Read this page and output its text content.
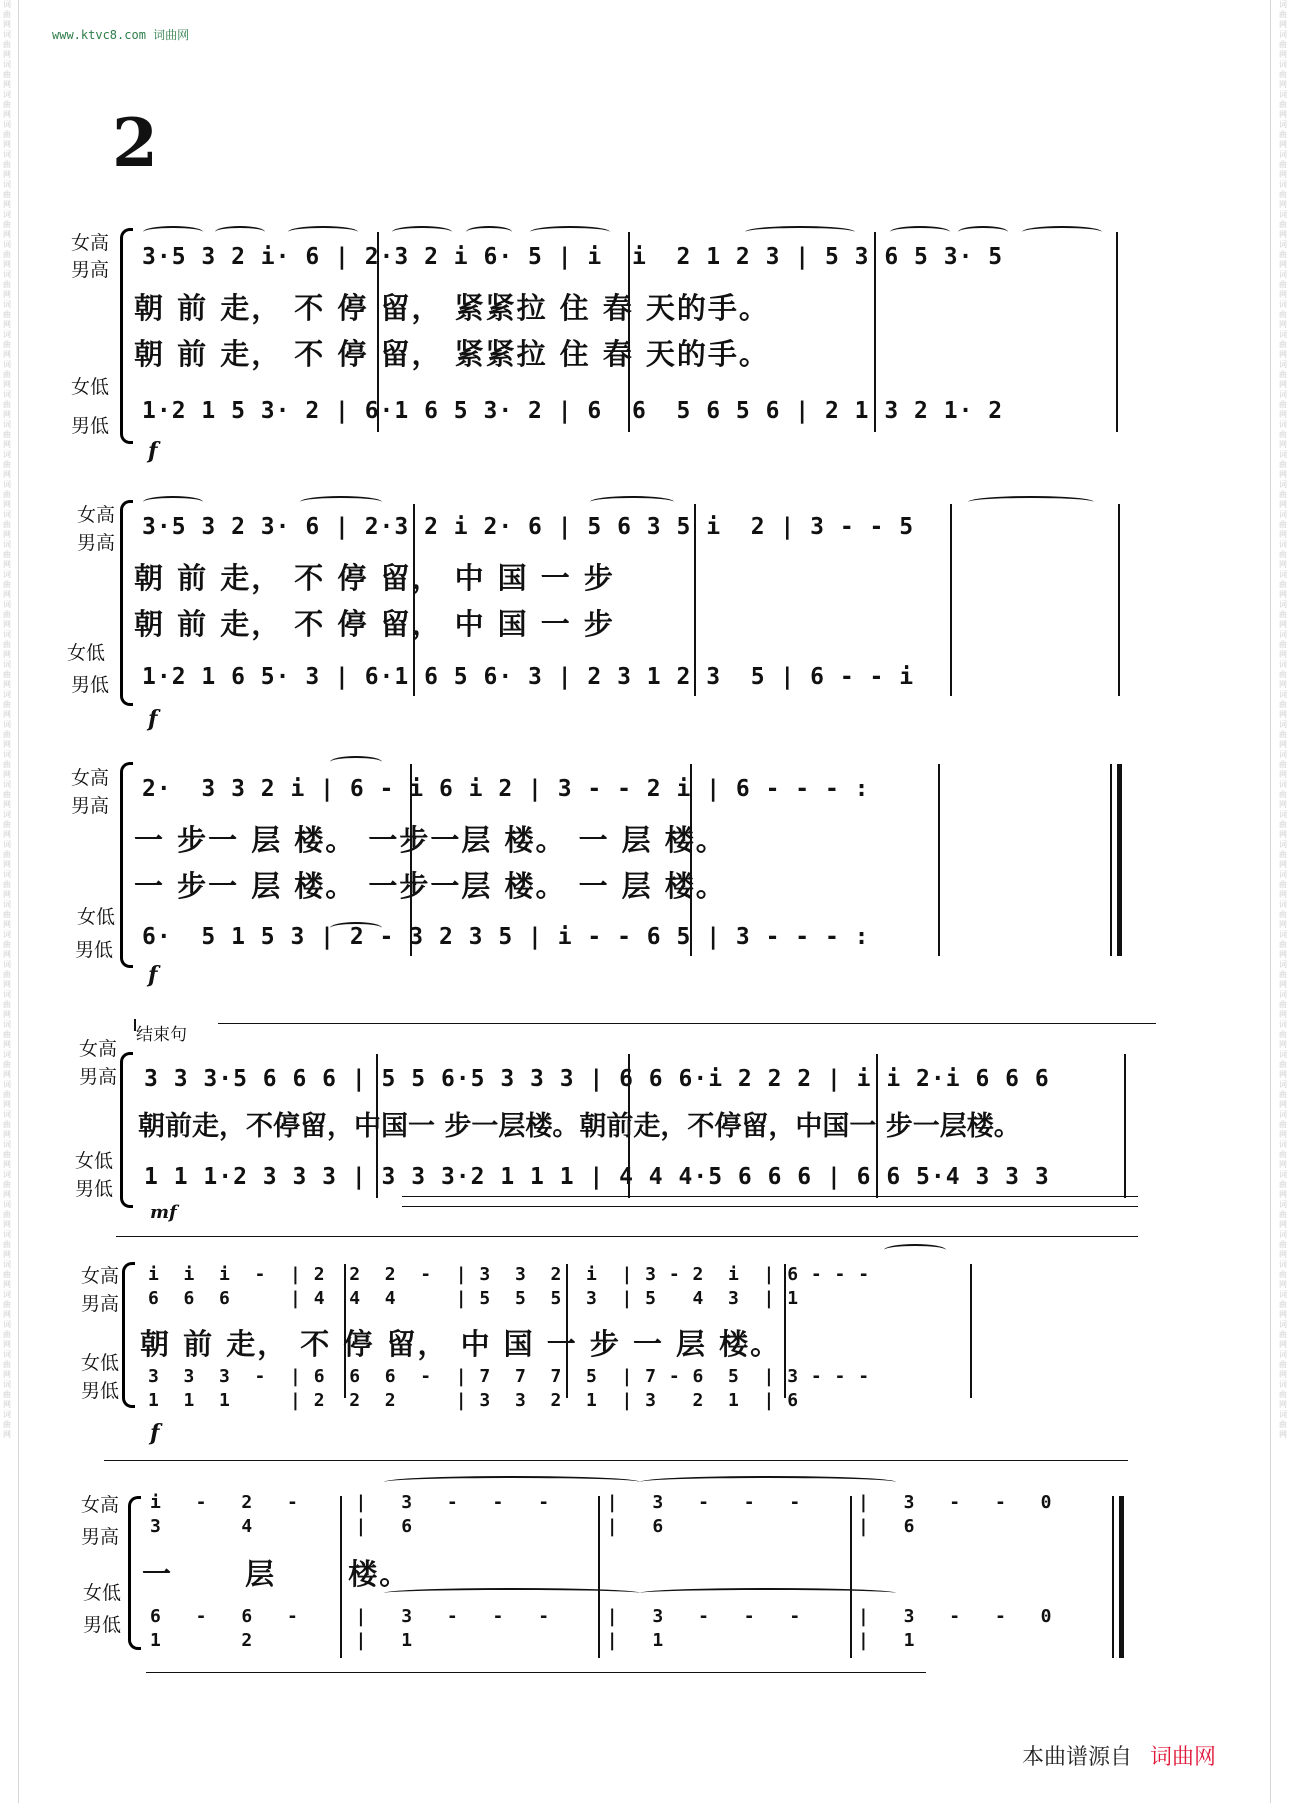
词曲网词曲网词曲网词曲网词曲网词曲网词曲网词曲网词曲网词曲网词曲网词曲网词曲网词曲网词曲网词曲网词曲网词曲网词曲网词曲网词曲网词曲网词曲网词曲网词曲网词曲网词曲网词曲网词曲网词曲网词曲网词曲网词曲网词曲网词曲网词曲网词曲网词曲网词曲网词曲网词曲网词曲网词曲网词曲网词曲网词曲网词曲网词曲网
词曲网词曲网词曲网词曲网词曲网词曲网词曲网词曲网词曲网词曲网词曲网词曲网词曲网词曲网词曲网词曲网词曲网词曲网词曲网词曲网词曲网词曲网词曲网词曲网词曲网词曲网词曲网词曲网词曲网词曲网词曲网词曲网词曲网词曲网词曲网词曲网词曲网词曲网词曲网词曲网词曲网词曲网词曲网词曲网词曲网词曲网词曲网词曲网
www.ktvc8.com 词曲网
2
女高
男高
女低
男低
3·5 3 2 i· 6 | 2·3 2 i 6· 5 | i  i  2 1 2 3 | 5 3 6 5 3· 5
朝 前 走， 不 停 留， 紧紧拉 住 春 天的手。
朝 前 走， 不 停 留， 紧紧拉 住 春 天的手。
1·2 1 5 3· 2 | 6·1 6 5 3· 2 | 6  6  5 6 5 6 | 2 1 3 2 1· 2
f
女高
男高
女低
男低
3·5 3 2 3· 6 | 2·3 2 i 2· 6 | 5 6 3 5 i  2 | 3 - - 5
朝 前 走， 不 停 留， 中 国 一 步
朝 前 走， 不 停 留， 中 国 一 步
1·2 1 6 5· 3 | 6·1 6 5 6· 3 | 2 3 1 2 3  5 | 6 - - i
f
女高
男高
女低
男低
2·  3 3 2 i | 6 - i 6 i 2 | 3 - - 2 i | 6 - - - :
一 步一 层 楼。 一步一层 楼。 一 层 楼。
一 步一 层 楼。 一步一层 楼。 一 层 楼。
6·  5 1 5 3 | 2 - 3 2 3 5 | i - - 6 5 | 3 - - - :
f
结束句
女高
男高
女低
男低
3 3 3·5 6 6 6 | 5 5 6·5 3 3 3 | 6 6 6·i 2 2 2 | i i 2·i 6 6 6
朝前走，不停留，中国一 步一层楼。朝前走，不停留，中国一 步一层楼。
1 1 1·2 3 3 3 | 3 3 3·2 1 1 1 | 4 4 4·5 6 6 6 | 6 6 5·4 3 3 3
mf
女高
男高
女低
男低
i  i  i  -  | 2  2  2  -  | 3  3  2  i  | 3 - 2  i  | 6 - - -
6  6  6     | 4  4  4     | 5  5  5  3  | 5   4  3  | 1
朝 前 走， 不 停 留， 中 国 一 步 一 层 楼。
3  3  3  -  | 6  6  6  -  | 7  7  7  5  | 7 - 6  5  | 3 - - -
1  1  1     | 2  2  2     | 3  3  2  1  | 3   2  1  | 6
f
女高
男高
女低
男低
i - 2 -  | 3 - - -  | 3 - - -  | 3 - - 0
3   4    | 6        | 6        | 6
一 层 楼。
6 - 6 -  | 3 - - -  | 3 - - -  | 3 - - 0
1   2    | 1        | 1        | 1
本曲谱源自 词曲网
